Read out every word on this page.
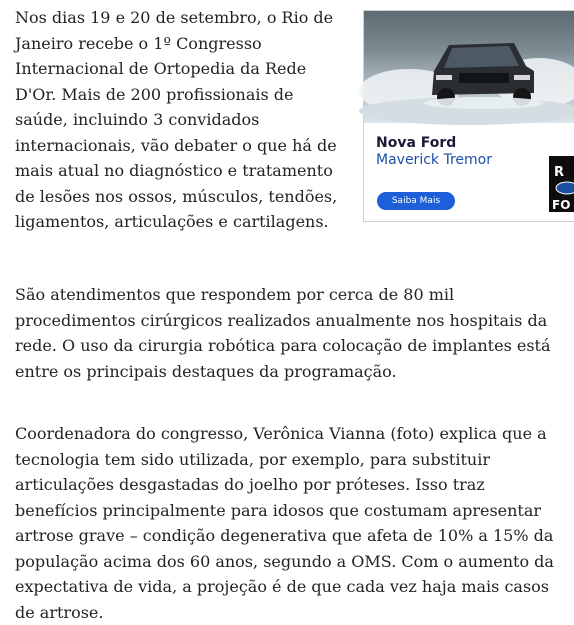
Nos dias 19 e 20 de setembro, o Rio de Janeiro recebe o 1º Congresso Internacional de Ortopedia da Rede D'Or. Mais de 200 profissionais de saúde, incluindo 3 convidados internacionais, vão debater o que há de mais atual no diagnóstico e tratamento de lesões nos ossos, músculos, tendões, ligamentos, articulações e cartilagens.

Nova Ford

Maverick Tremor

Saiba Mais
R
FO

São atendimentos que respondem por cerca de 80 mil procedimentos cirúrgicos realizados anualmente nos hospitais da rede. O uso da cirurgia robótica para colocação de implantes está entre os principais destaques da programação.

Coordenadora do congresso, Verônica Vianna (foto) explica que a tecnologia tem sido utilizada, por exemplo, para substituir articulações desgastadas do joelho por próteses. Isso traz benefícios principalmente para idosos que costumam apresentar artrose grave – condição degenerativa que afeta de 10% a 15% da população acima dos 60 anos, segundo a OMS. Com o aumento da expectativa de vida, a projeção é de que cada vez haja mais casos de artrose.
